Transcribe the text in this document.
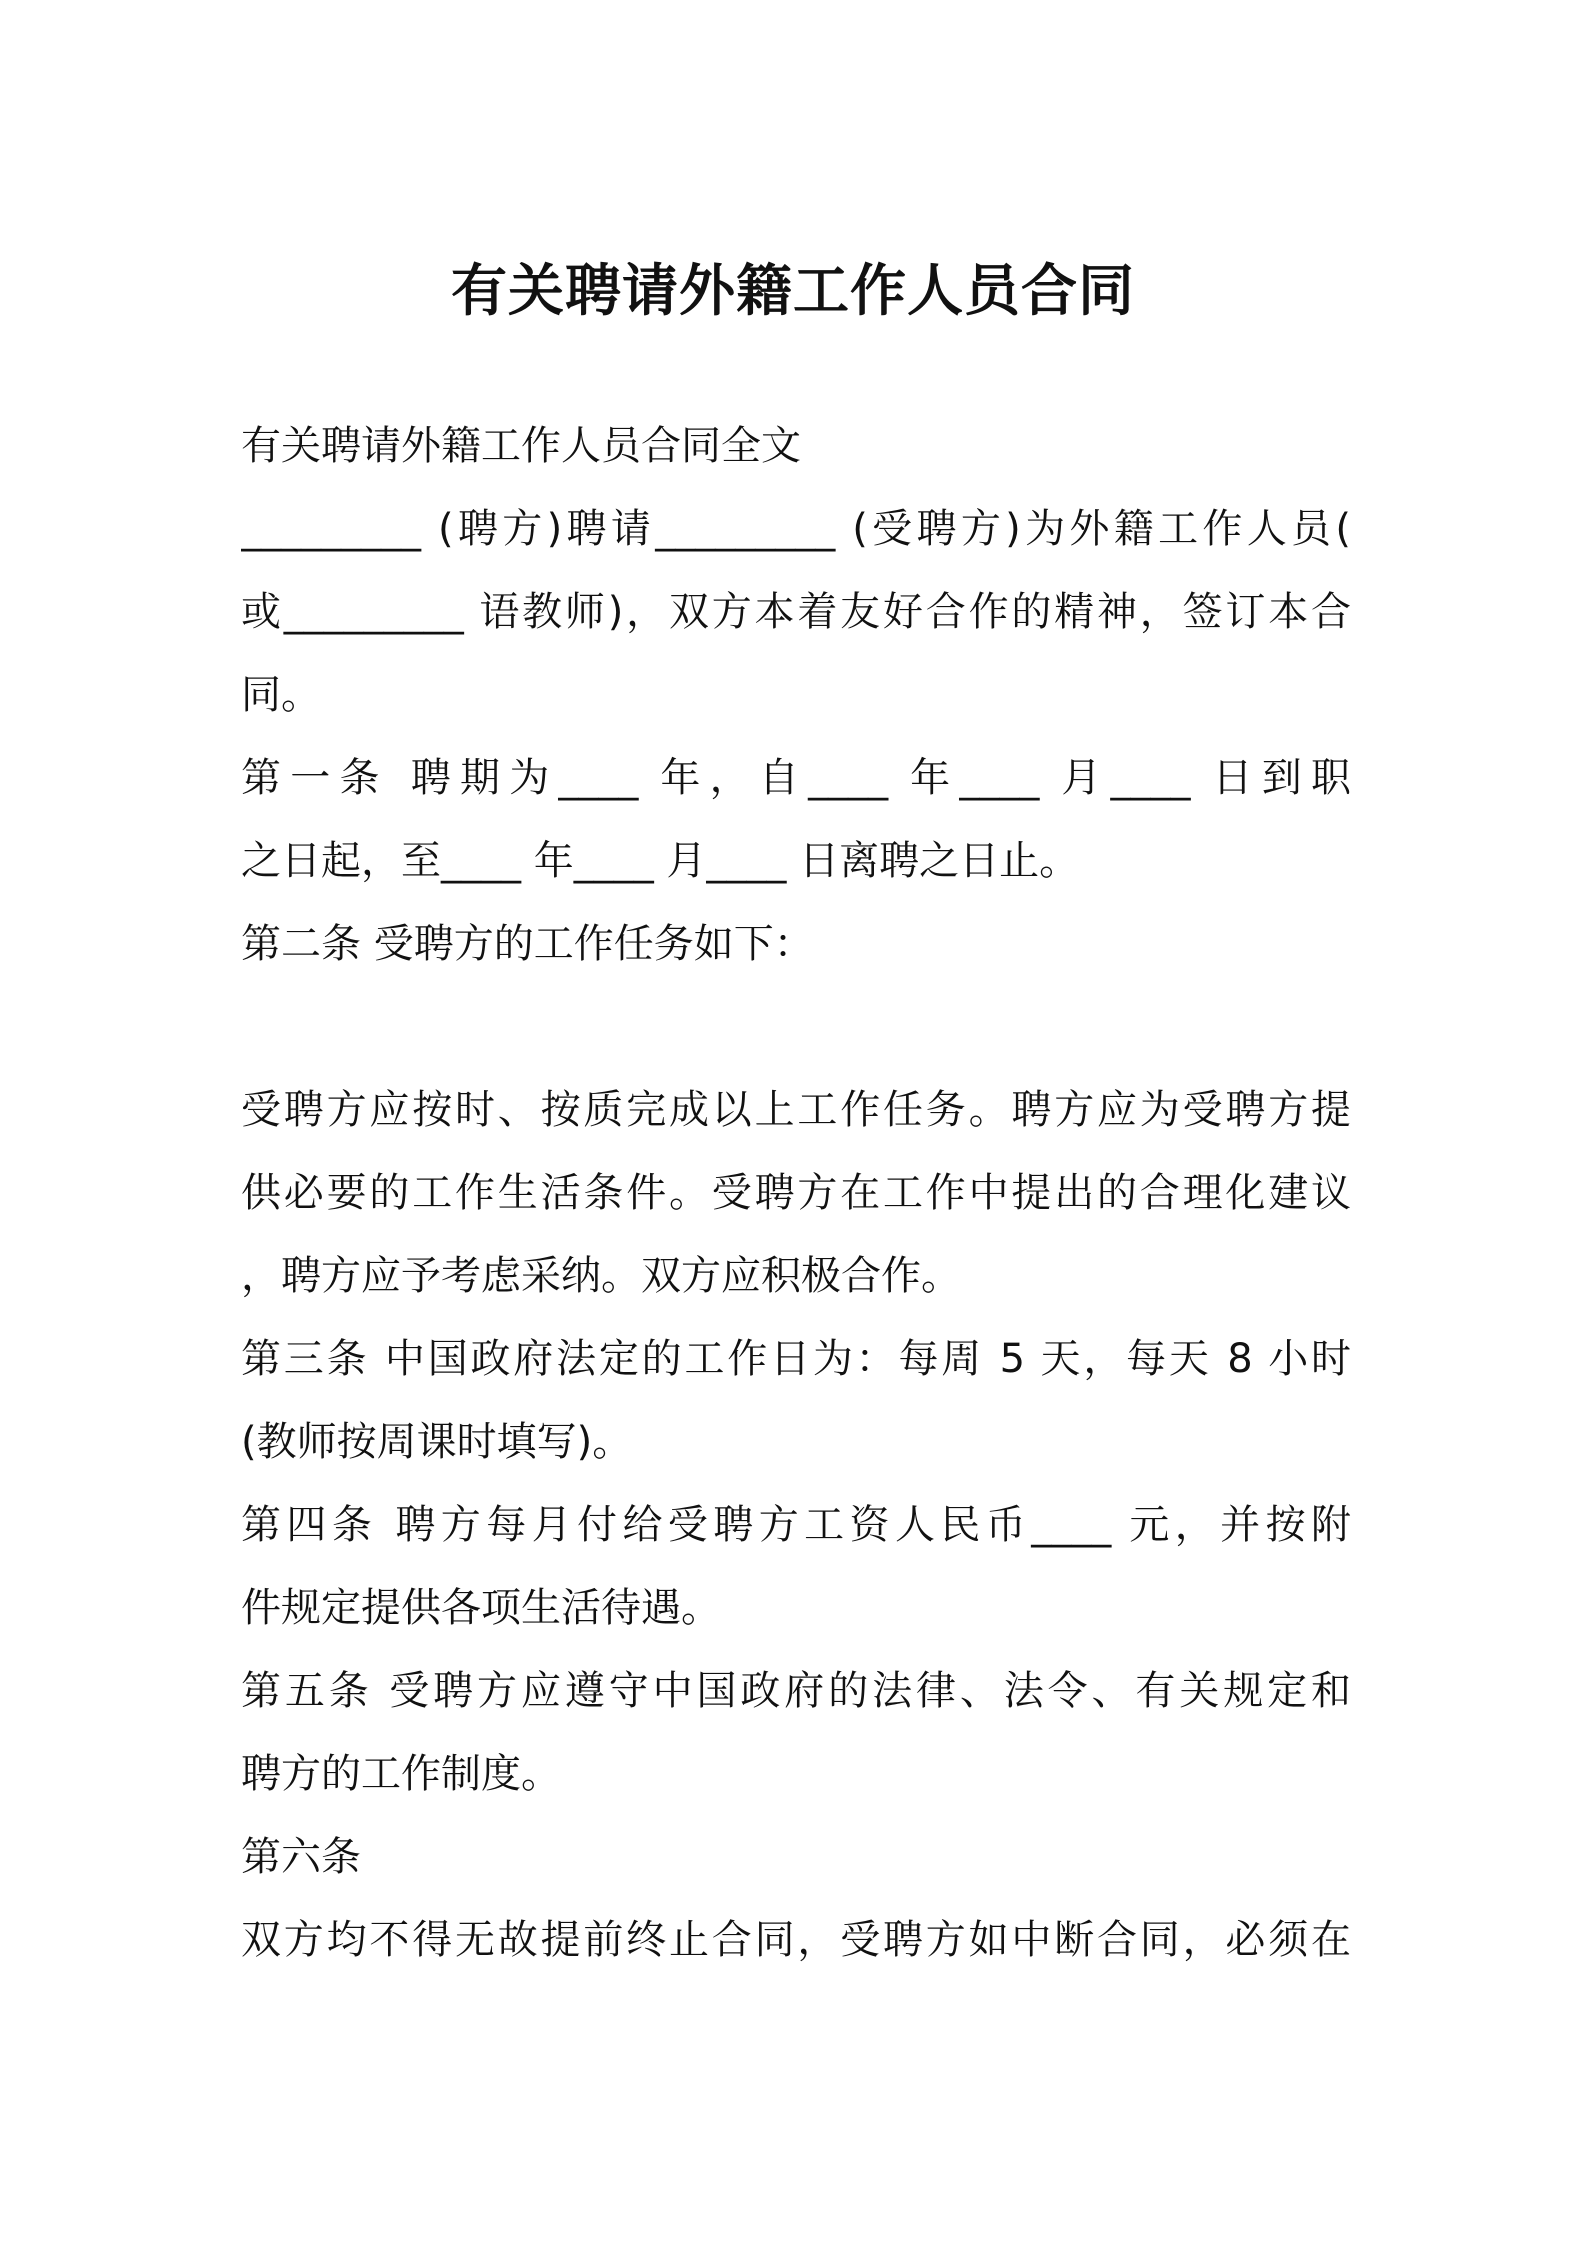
有关聘请外籍工作人员合同
有关聘请外籍工作人员合同全文
_________ (聘方)聘请_________ (受聘方)为外籍工作人员(
或_________ 语教师)，双方本着友好合作的精神，签订本合
同。
第一条 聘期为____ 年，自____ 年____ 月____ 日到职
之日起，至____ 年____ 月____ 日离聘之日止。
第二条 受聘方的工作任务如下：
受聘方应按时、按质完成以上工作任务。聘方应为受聘方提
供必要的工作生活条件。受聘方在工作中提出的合理化建议
，聘方应予考虑采纳。双方应积极合作。
第三条 中国政府法定的工作日为：每周 5 天，每天 8 小时
(教师按周课时填写)。
第四条 聘方每月付给受聘方工资人民币____ 元，并按附
件规定提供各项生活待遇。
第五条 受聘方应遵守中国政府的法律、法令、有关规定和
聘方的工作制度。
第六条
双方均不得无故提前终止合同，受聘方如中断合同，必须在
